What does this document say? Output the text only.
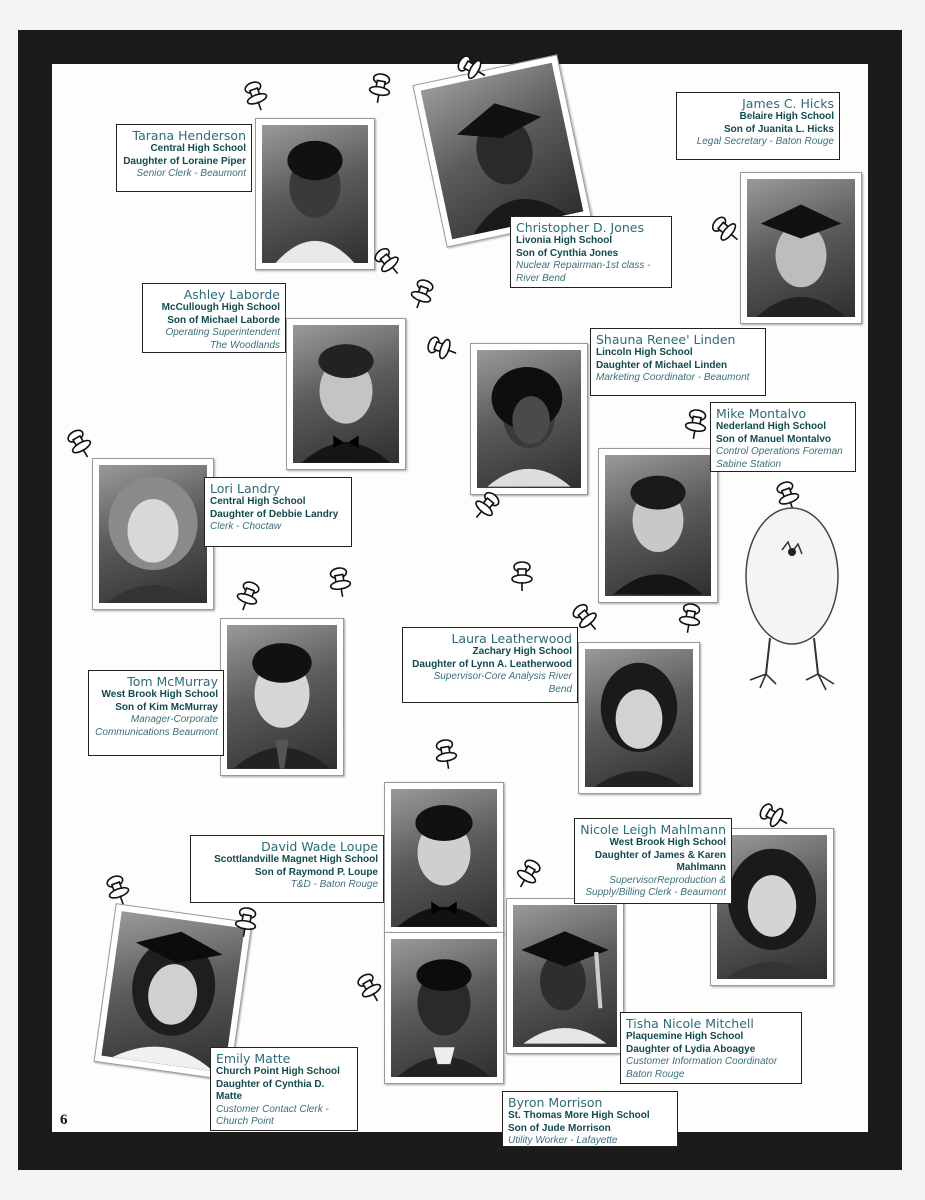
Tarana Henderson
Central High School
Daughter of Loraine Piper
Senior Clerk - Beaumont
Christopher D. Jones
Livonia High School
Son of Cynthia Jones
Nuclear Repairman-1st class - River Bend
James C. Hicks
Belaire High School
Son of Juanita L. Hicks
Legal Secretary - Baton Rouge
Ashley Laborde
McCullough High School
Son of Michael Laborde
Operating Superintendent The Woodlands	Shauna Renee' Linden
Lincoln High School
Daughter of Michael Linden
Marketing Coordinator - Beaumont
Mike Montalvo
Nederland High School
Son of Manuel Montalvo
Control Operations Foreman Sabine Station
Lori Landry
Central High School
Daughter of Debbie Landry
Clerk - Choctaw
Laura Leatherwood
Zachary High School
Daughter of Lynn A. Leatherwood
Supervisor-Core Analysis River Bend
Tom McMurray
West Brook High School
Son of Kim McMurray
Manager-Corporate Communications Beaumont
David Wade Loupe
Scottlandville Magnet High School
Son of Raymond P. Loupe
T&D - Baton Rouge
Nicole Leigh Mahlmann
West Brook High School
Daughter of James & Karen Mahlmann
SupervisorReproduction & Supply/Billing Clerk - Beaumont
Tisha Nicole Mitchell
Plaquemine High School
Daughter of Lydia Aboagye
Customer Information Coordinator Baton Rouge
Emily Matte
Church Point High School
Daughter of Cynthia D. Matte
Customer Contact Clerk - Church Point
Byron Morrison
St. Thomas More High School
Son of Jude Morrison
Utility Worker - Lafayette
6
